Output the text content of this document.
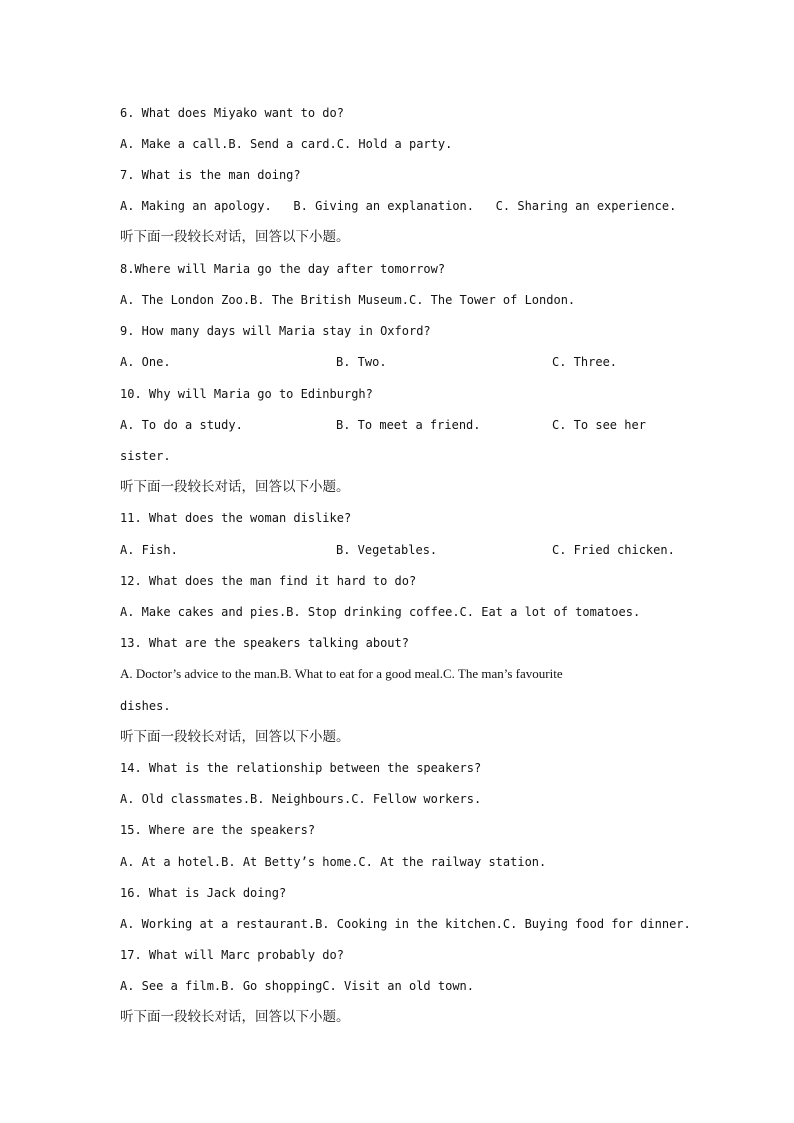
6. What does Miyako want to do?
A. Make a call.B. Send a card.C. Hold a party.
7. What is the man doing?
A. Making an apology.   B. Giving an explanation.   C. Sharing an experience.
听下面一段较长对话，回答以下小题。
8.Where will Maria go the day after tomorrow?
A. The London Zoo.B. The British Museum.C. The Tower of London.
9. How many days will Maria stay in Oxford?
A. One.	B. Two.	C. Three.
10. Why will Maria go to Edinburgh?
A. To do a study.	B. To meet a friend.	C. To see her
sister.
听下面一段较长对话，回答以下小题。
11. What does the woman dislike?
A. Fish.	B. Vegetables.	C. Fried chicken.
12. What does the man find it hard to do?
A. Make cakes and pies.B. Stop drinking coffee.C. Eat a lot of tomatoes.
13. What are the speakers talking about?
A. Doctor’s advice to the man.B. What to eat for a good meal.C. The man’s favourite
dishes.
听下面一段较长对话，回答以下小题。
14. What is the relationship between the speakers?
A. Old classmates.B. Neighbours.C. Fellow workers.
15. Where are the speakers?
A. At a hotel.B. At Betty’s home.C. At the railway station.
16. What is Jack doing?
A. Working at a restaurant.B. Cooking in the kitchen.C. Buying food for dinner.
17. What will Marc probably do?
A. See a film.B. Go shoppingC. Visit an old town.
听下面一段较长对话，回答以下小题。
